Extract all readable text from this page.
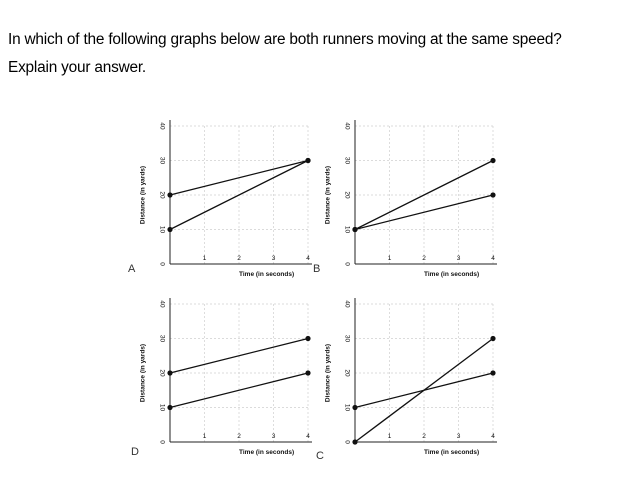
In which of the following graphs below are both runners moving at the same speed?
Explain your answer.
A	B
C
D
0
10
20
30
40
1	2	3	4
Time (in seconds)
Distance (in yards)
0
10
20
30
40
1	2	3	4
Time (in seconds)
Distance (in yards)
0
10
20
30
40
1	2	3	4
Time (in seconds)
Distance (in yards)
0
10
20
30
40
1	2	3	4
Time (in seconds)
Distance (in yards)
